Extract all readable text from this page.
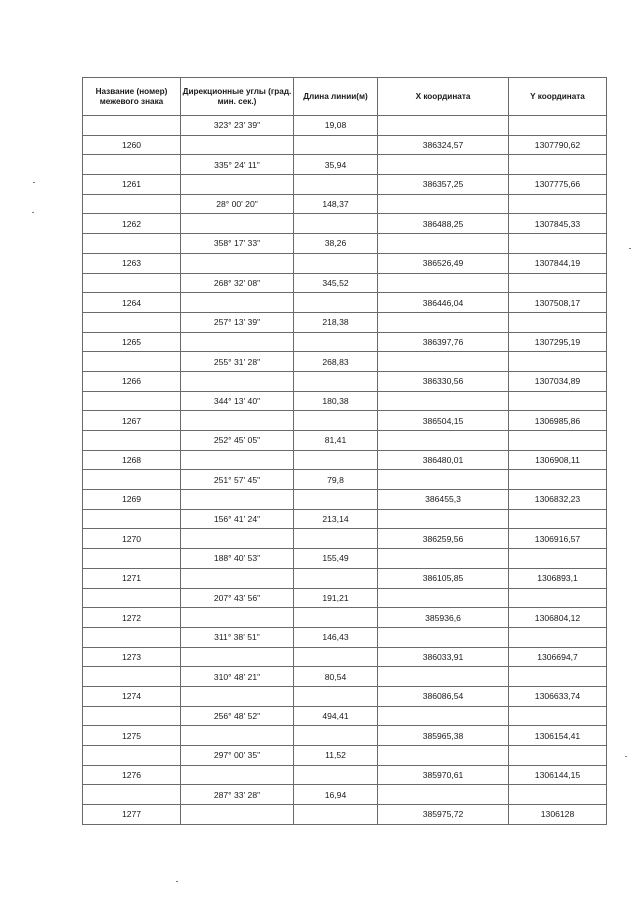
Название (номер) межевого знака	Дирекционные углы (град. мин. сек.)	Длина линии(м)	Х координата	Y координата
	323° 23' 39"	19,08		
1260			386324,57	1307790,62
	335° 24' 11"	35,94		
1261			386357,25	1307775,66
	28° 00' 20"	148,37		
1262			386488,25	1307845,33
	358° 17' 33"	38,26		
1263			386526,49	1307844,19
	268° 32' 08"	345,52		
1264			386446,04	1307508,17
	257° 13' 39"	218,38		
1265			386397,76	1307295,19
	255° 31' 28"	268,83		
1266			386330,56	1307034,89
	344° 13' 40"	180,38		
1267			386504,15	1306985,86
	252° 45' 05"	81,41		
1268			386480,01	1306908,11
	251° 57' 45"	79,8		
1269			386455,3	1306832,23
	156° 41' 24"	213,14		
1270			386259,56	1306916,57
	188° 40' 53"	155,49		
1271			386105,85	1306893,1
	207° 43' 56"	191,21		
1272			385936,6	1306804,12
	311° 38' 51"	146,43		
1273			386033,91	1306694,7
	310° 48' 21"	80,54		
1274			386086,54	1306633,74
	256° 48' 52"	494,41		
1275			385965,38	1306154,41
	297° 00' 35"	11,52		
1276			385970,61	1306144,15
	287° 33' 28"	16,94		
1277			385975,72	1306128
